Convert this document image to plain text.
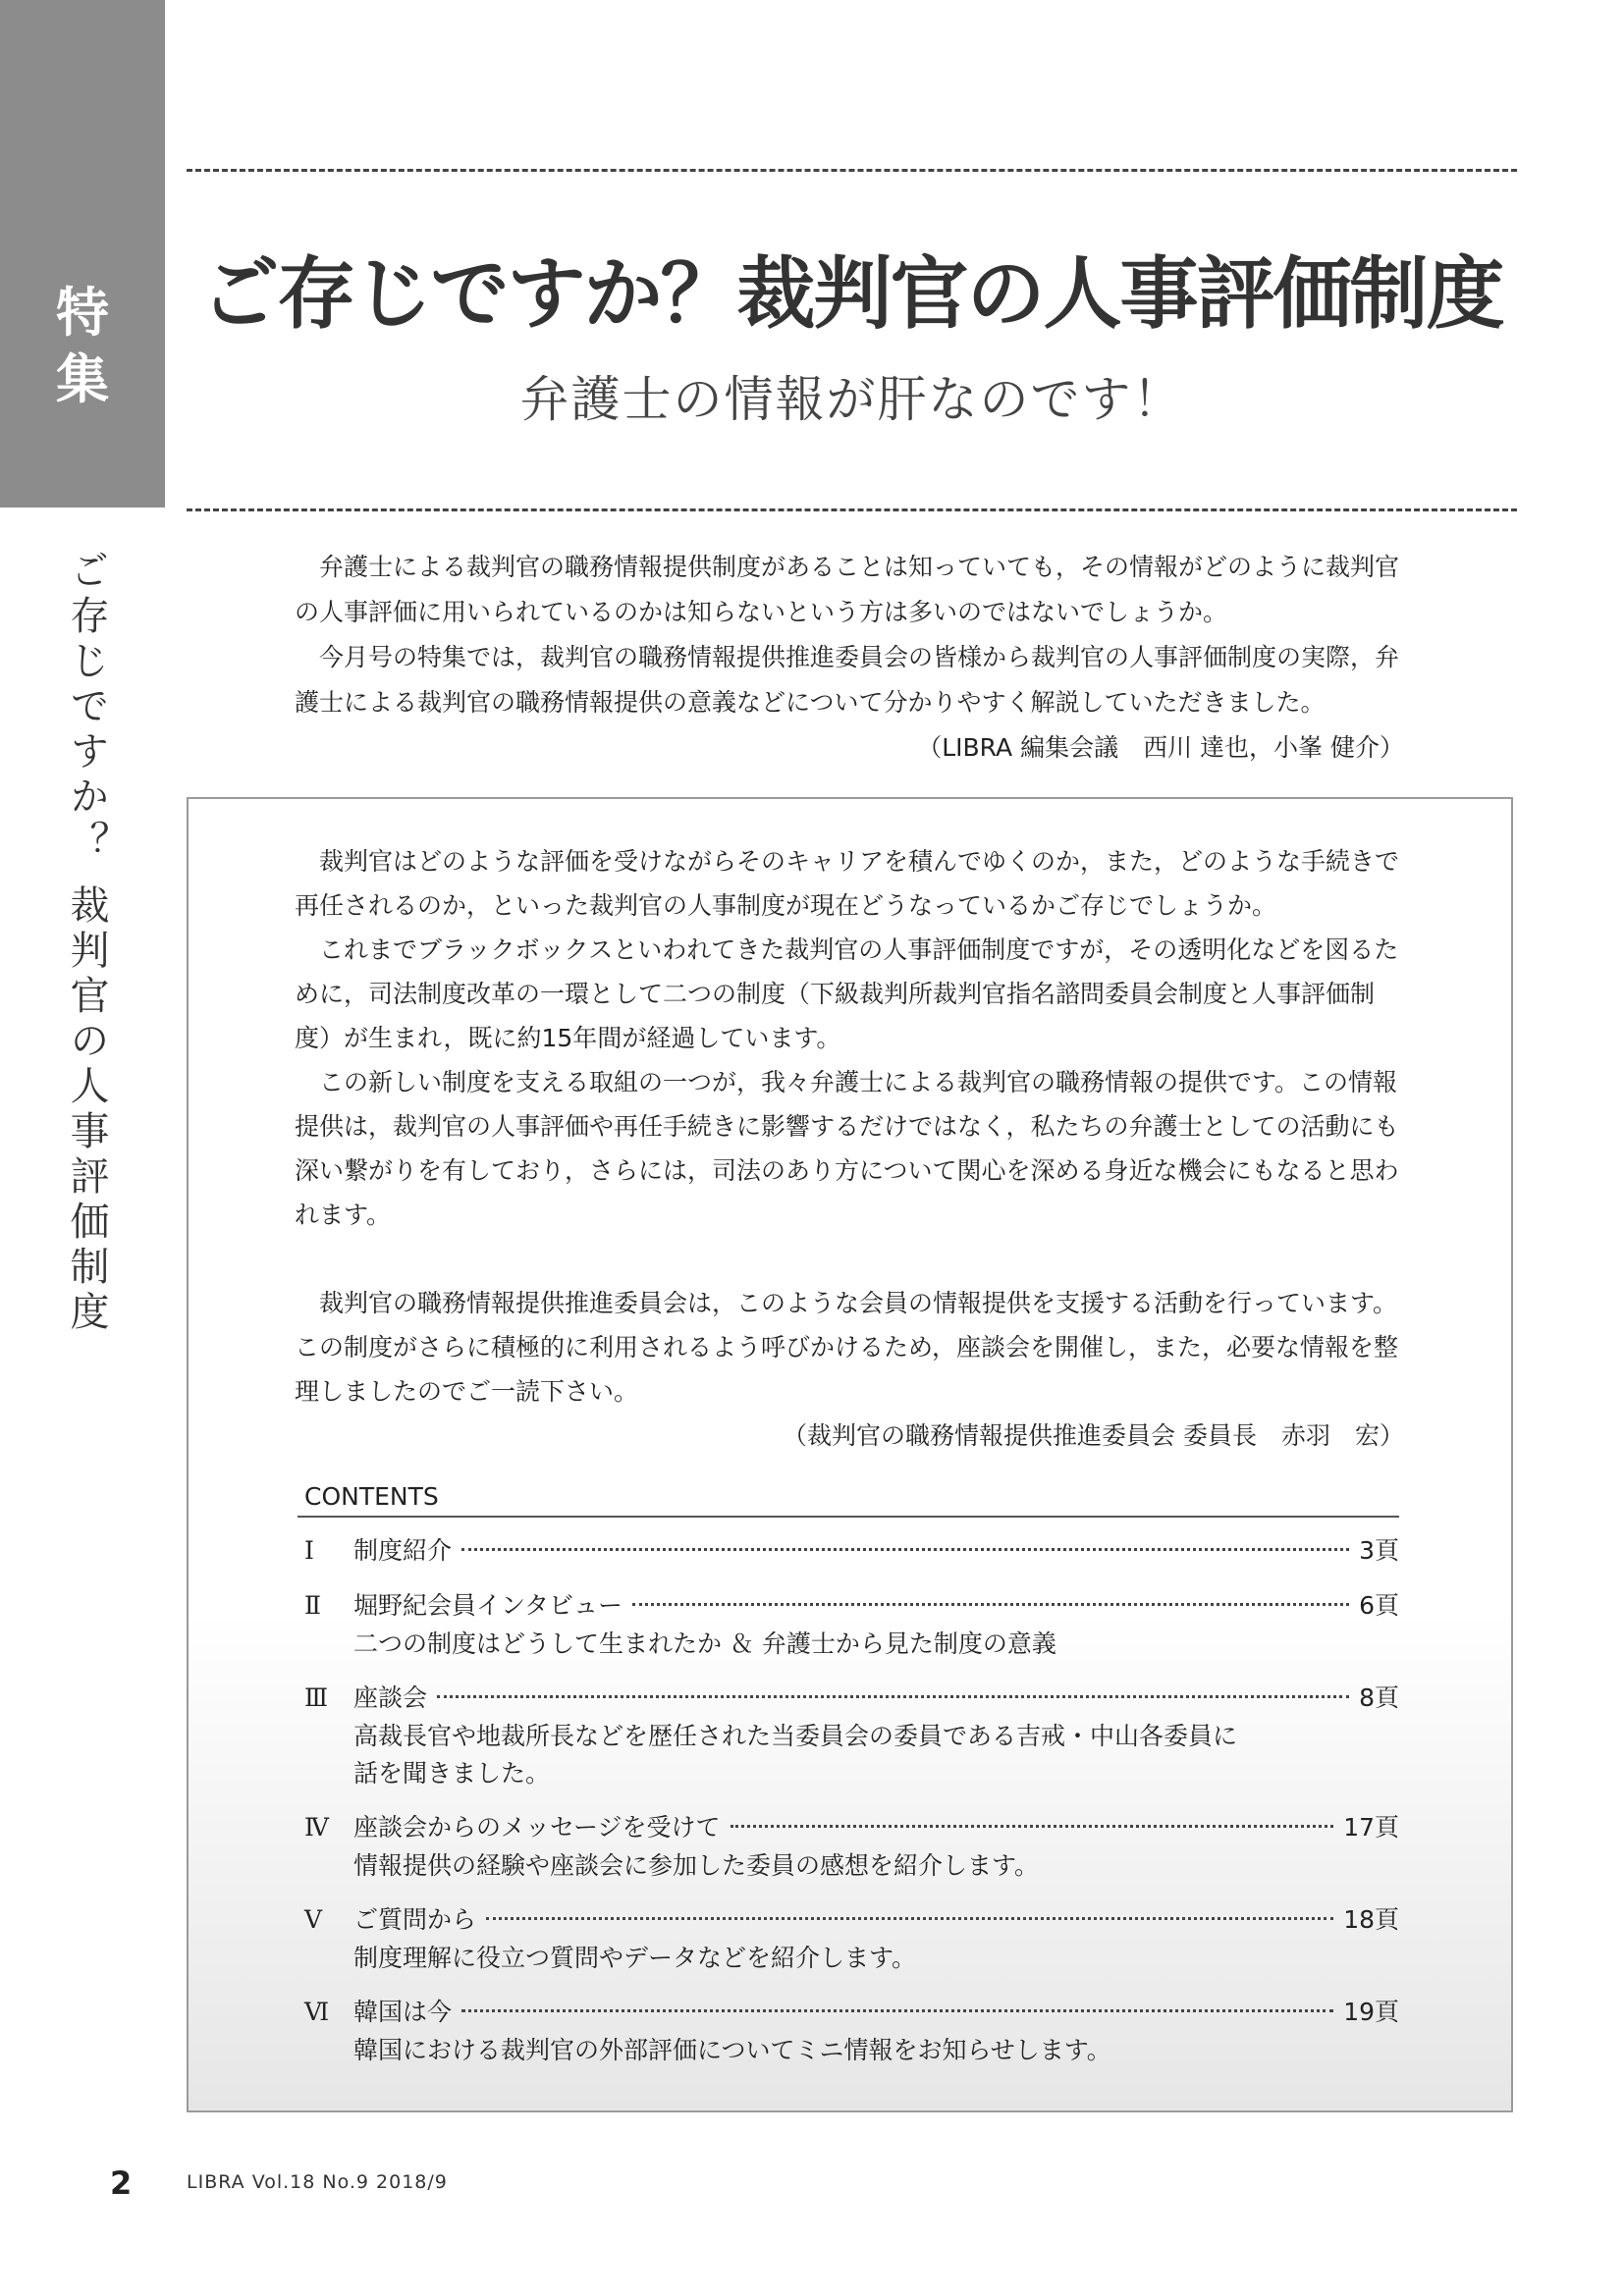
特
集
ご存じですか？ 裁判官の人事評価制度
ご存じですか？裁判官の人事評価制度
弁護士の情報が肝なのです！

弁護士による裁判官の職務情報提供制度があることは知っていても，その情報がどのように裁判官の人事評価に用いられているのかは知らないという方は多いのではないでしょうか。

今月号の特集では，裁判官の職務情報提供推進委員会の皆様から裁判官の人事評価制度の実際，弁護士による裁判官の職務情報提供の意義などについて分かりやすく解説していただきました。

（LIBRA 編集会議　西川 達也，小峯 健介）

裁判官はどのような評価を受けながらそのキャリアを積んでゆくのか，また，どのような手続きで再任されるのか，といった裁判官の人事制度が現在どうなっているかご存じでしょうか。

これまでブラックボックスといわれてきた裁判官の人事評価制度ですが，その透明化などを図るために，司法制度改革の一環として二つの制度（下級裁判所裁判官指名諮問委員会制度と人事評価制度）が生まれ，既に約15年間が経過しています。

この新しい制度を支える取組の一つが，我々弁護士による裁判官の職務情報の提供です。この情報提供は，裁判官の人事評価や再任手続きに影響するだけではなく，私たちの弁護士としての活動にも深い繋がりを有しており，さらには，司法のあり方について関心を深める身近な機会にもなると思われます。

裁判官の職務情報提供推進委員会は，このような会員の情報提供を支援する活動を行っています。この制度がさらに積極的に利用されるよう呼びかけるため，座談会を開催し，また，必要な情報を整理しましたのでご一読下さい。

（裁判官の職務情報提供推進委員会 委員長　赤羽　宏）

CONTENTS
Ⅰ	制度紹介	3頁
Ⅱ	堀野紀会員インタビュー	6頁
二つの制度はどうして生まれたか ＆ 弁護士から見た制度の意義
Ⅲ	座談会	8頁
高裁長官や地裁所長などを歴任された当委員会の委員である吉戒・中山各委員に話を聞きました。
Ⅳ	座談会からのメッセージを受けて	17頁
情報提供の経験や座談会に参加した委員の感想を紹介します。
Ⅴ	ご質問から	18頁
制度理解に役立つ質問やデータなどを紹介します。
Ⅵ 韓国は今	19頁
韓国における裁判官の外部評価についてミニ情報をお知らせします。
2	LIBRA Vol.18 No.9 2018/9
